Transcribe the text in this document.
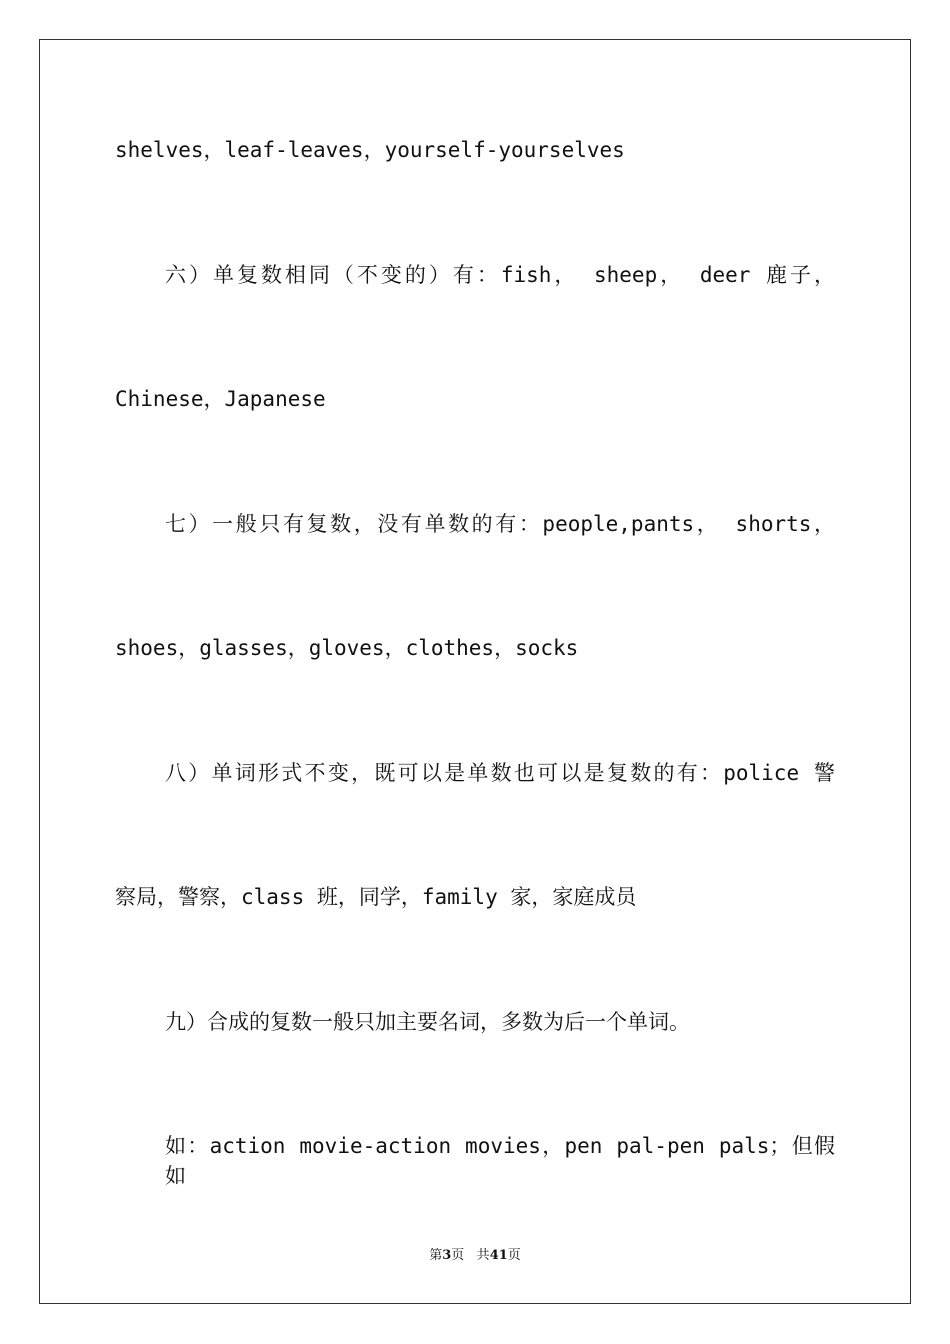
shelves，leaf-leaves，yourself-yourselves
六）单复数相同（不变的）有：fish， sheep， deer 鹿子，
Chinese，Japanese
七）一般只有复数，没有单数的有：people,pants， shorts，
shoes，glasses，gloves，clothes，socks
八）单词形式不变，既可以是单数也可以是复数的有：police 警
察局，警察，class 班，同学，family 家，家庭成员
九）合成的复数一般只加主要名词，多数为后一个单词。
如：action movie-action movies，pen pal-pen pals；但假如
第3页 共41页
